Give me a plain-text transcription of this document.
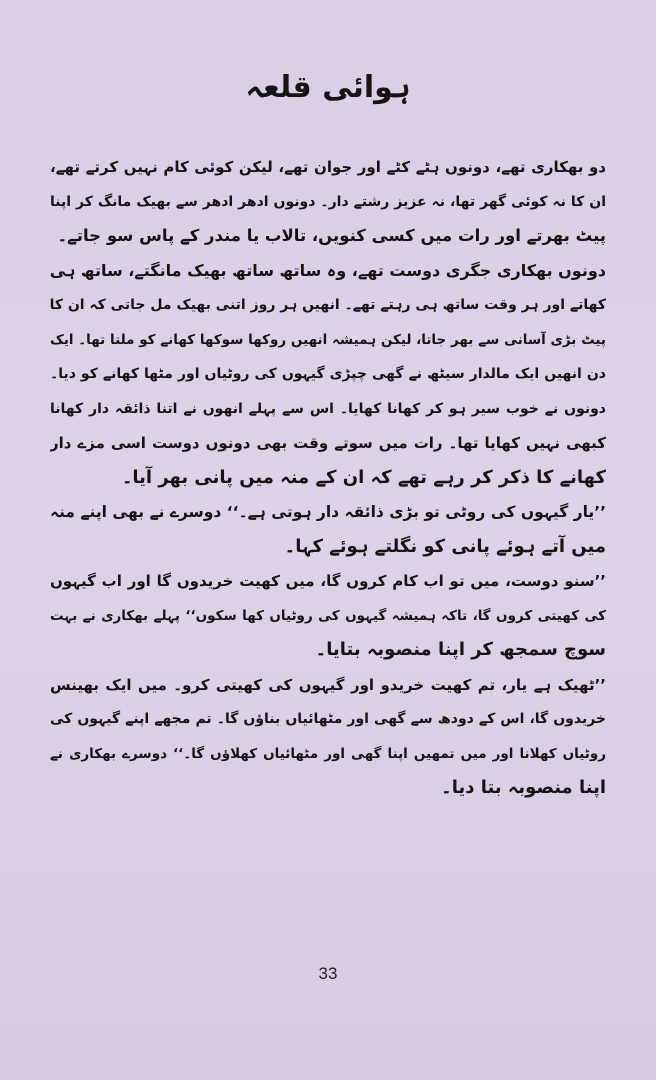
ہوائی قلعہ
دو بھکاری تھے، دونوں ہٹے کٹے اور جوان تھے، لیکن کوئی کام نہیں کرتے تھے،
ان کا نہ کوئی گھر تھا، نہ عزیز رشتے دار۔ دونوں ادھر ادھر سے بھیک مانگ کر اپنا
پیٹ بھرتے اور رات میں کسی کنویں، تالاب یا مندر کے پاس سو جاتے۔
دونوں بھکاری جگری دوست تھے، وہ ساتھ ساتھ بھیک مانگتے، ساتھ ہی
کھاتے اور ہر وقت ساتھ ہی رہتے تھے۔ انھیں ہر روز اتنی بھیک مل جاتی کہ ان کا
پیٹ بڑی آسانی سے بھر جاتا، لیکن ہمیشہ انھیں روکھا سوکھا کھانے کو ملتا تھا۔ ایک
دن انھیں ایک مالدار سیٹھ نے گھی چپڑی گیہوں کی روٹیاں اور مٹھا کھانے کو دیا۔
دونوں نے خوب سیر ہو کر کھانا کھایا۔ اس سے پہلے انھوں نے اتنا ذائقہ دار کھانا
کبھی نہیں کھایا تھا۔ رات میں سوتے وقت بھی دونوں دوست اسی مزے دار
کھانے کا ذکر کر رہے تھے کہ ان کے منہ میں پانی بھر آیا۔
’’یار گیہوں کی روٹی تو بڑی ذائقہ دار ہوتی ہے۔‘‘ دوسرے نے بھی اپنے منہ
میں آتے ہوئے پانی کو نگلتے ہوئے کہا۔
’’سنو دوست، میں تو اب کام کروں گا، میں کھیت خریدوں گا اور اب گیہوں
کی کھیتی کروں گا، تاکہ ہمیشہ گیہوں کی روٹیاں کھا سکوں‘‘ پہلے بھکاری نے بہت
سوچ سمجھ کر اپنا منصوبہ بتایا۔
’’ٹھیک ہے یار، تم کھیت خریدو اور گیہوں کی کھیتی کرو۔ میں ایک بھینس
خریدوں گا، اس کے دودھ سے گھی اور مٹھائیاں بناؤں گا۔ تم مجھے اپنے گیہوں کی
روٹیاں کھلانا اور میں تمھیں اپنا گھی اور مٹھائیاں کھلاؤں گا۔‘‘ دوسرے بھکاری نے
اپنا منصوبہ بتا دیا۔
33
